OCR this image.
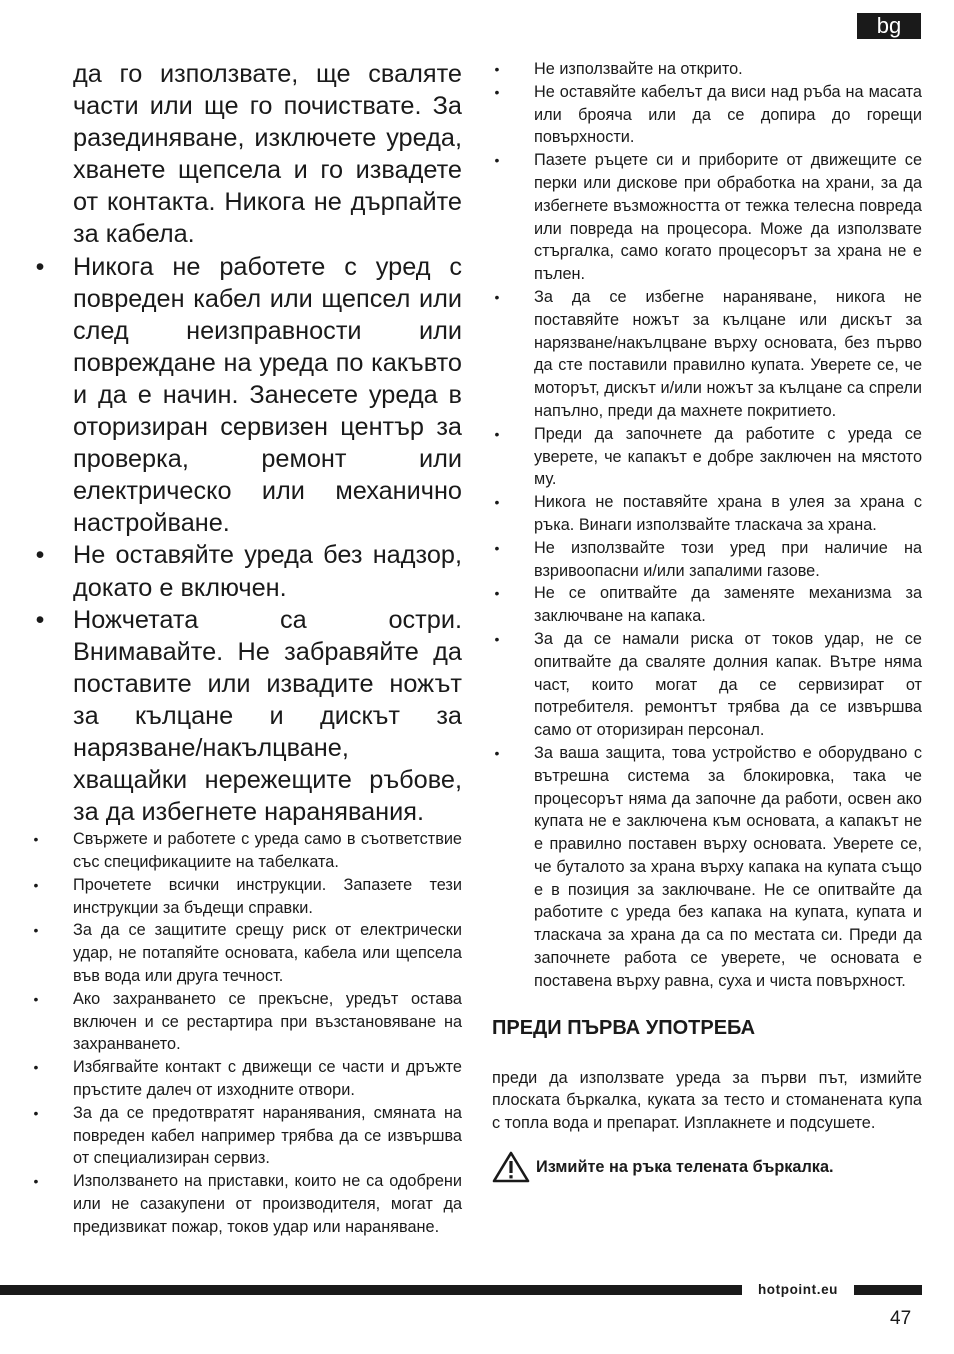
bg
да го използвате, ще сваляте части или ще го почиствате. За разединяване, изключете уреда, хванете щепсела и го извадете от контакта. Никога не дърпайте за кабела.
• Никога не работете с уред с повреден кабел или щепсел или след неизправности или повреждане на уреда по какъвто и да е начин. Занесете уреда в оторизиран сервизен център за проверка, ремонт или електрическо или механично настройване.
• Не оставяйте уреда без надзор, докато е включен.
• Ножчетата са остри. Внимавайте. Не забравяйте да поставите или извадите ножът за кълцане и дискът за нарязване/накълцване, хващайки нережещите ръбове, за да избегнете наранявания.
• Свържете и работете с уреда само в съответствие със спецификациите на табелката.
• Прочетете всички инструкции. Запазете тези инструкции за бъдещи справки.
• За да се защитите срещу риск от електрически удар, не потапяйте основата, кабела или щепсела във вода или друга течност.
• Ако захранването се прекъсне, уредът остава включен и се рестартира при възстановяване на захранването.
• Избягвайте контакт с движещи се части и дръжте пръстите далеч от изходните отвори.
• За да се предотвратят наранявания, смяната на повреден кабел например трябва да се извършва от специализиран сервиз.
• Използването на приставки, които не са одобрени или не сазакупени от производителя, могат да предизвикат пожар, токов удар или нараняване.
• Не използвайте на открито.
• Не оставяйте кабелът да виси над ръба на масата или брояча или да се допира до горещи повърхности.
• Пазете ръцете си и приборите от движещите се перки или дискове при обработка на храни, за да избегнете възможността от тежка телесна повреда или повреда на процесора. Може да използвате стъргалка, само когато процесорът за храна не е пълен.
• За да се избегне нараняване, никога не поставяйте ножът за кълцане или дискът за нарязване/накълцване върху основата, без първо да сте поставили правилно купата. Уверете се, че моторът, дискът и/или ножът за кълцане са спрели напълно, преди да махнете покритието.
• Преди да започнете да работите с уреда се уверете, че капакът е добре заключен на мястото му.
• Никога не поставяйте храна в улея за храна с ръка. Винаги използвайте тласкача за храна.
• Не използвайте този уред при наличие на взривоопасни и/или запалими газове.
• Не се опитвайте да заменяте механизма за заключване на капака.
• За да се намали риска от токов удар, не се опитвайте да сваляте долния капак. Вътре няма част, които могат да се сервизират от потребителя. ремонтът трябва да се извършва само от оторизиран персонал.
• За ваша защита, това устройство е оборудвано с вътрешна система за блокировка, така че процесорът няма да започне да работи, освен ако купата не е заключена към основата, а капакът не е правилно поставен върху основата. Уверете се, че буталото за храна върху капака на купата също е в позиция за заключване. Не се опитвайте да работите с уреда без капака на купата, купата и тласкача за храна да са по местата си. Преди да започнете работа се уверете, че основата е поставена върху равна, суха и чиста повърхност.
ПРЕДИ ПЪРВА УПОТРЕБА
преди да използвате уреда за първи път, измийте плоската бъркалка, куката за тесто и стоманената купа с топла вода и препарат. Изплакнете и подсушете.
Измийте на ръка телената бъркалка.
hotpoint.eu
47
